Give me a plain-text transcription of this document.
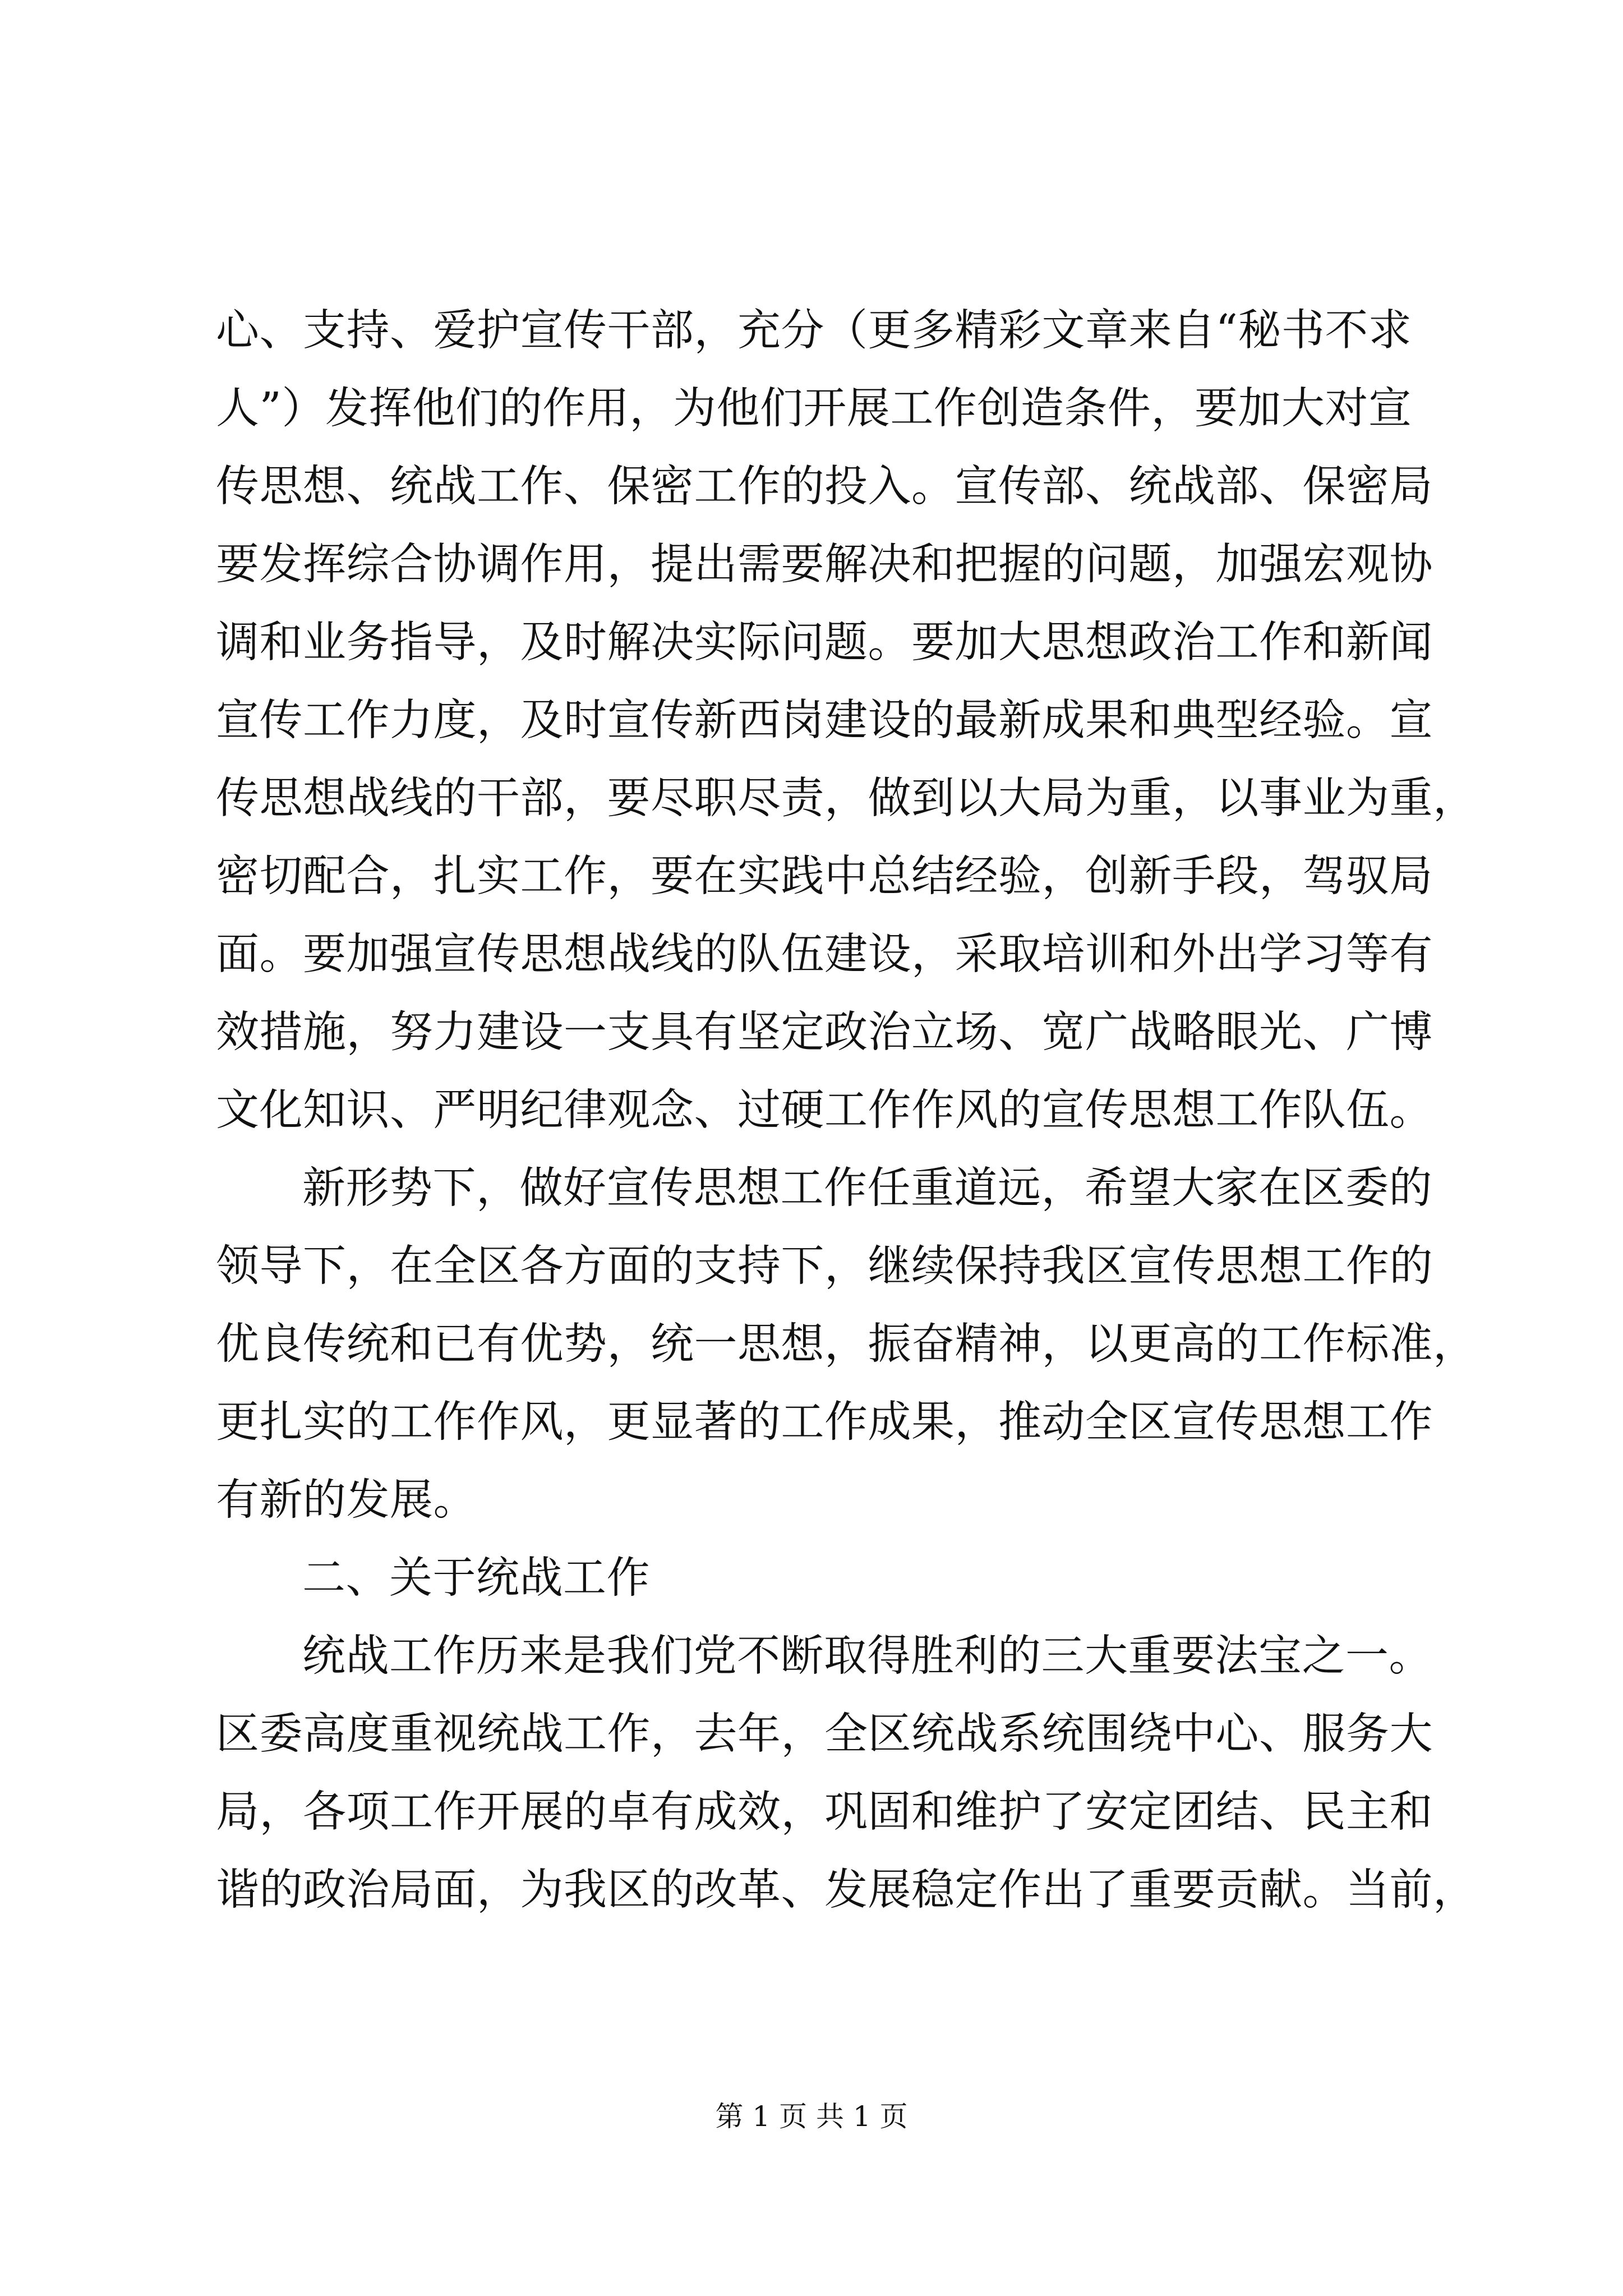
心、支持、爱护宣传干部，充分（更多精彩文章来自“秘书不求
人”）发挥他们的作用，为他们开展工作创造条件，要加大对宣
传思想、统战工作、保密工作的投入。宣传部、统战部、保密局
要发挥综合协调作用，提出需要解决和把握的问题，加强宏观协
调和业务指导，及时解决实际问题。要加大思想政治工作和新闻
宣传工作力度，及时宣传新西岗建设的最新成果和典型经验。宣
传思想战线的干部，要尽职尽责，做到以大局为重，以事业为重，
密切配合，扎实工作，要在实践中总结经验，创新手段，驾驭局
面。要加强宣传思想战线的队伍建设，采取培训和外出学习等有
效措施，努力建设一支具有坚定政治立场、宽广战略眼光、广博
文化知识、严明纪律观念、过硬工作作风的宣传思想工作队伍。
新形势下，做好宣传思想工作任重道远，希望大家在区委的
领导下，在全区各方面的支持下，继续保持我区宣传思想工作的
优良传统和已有优势，统一思想，振奋精神，以更高的工作标准，
更扎实的工作作风，更显著的工作成果，推动全区宣传思想工作
有新的发展。
二、关于统战工作
统战工作历来是我们党不断取得胜利的三大重要法宝之一。
区委高度重视统战工作，去年，全区统战系统围绕中心、服务大
局，各项工作开展的卓有成效，巩固和维护了安定团结、民主和
谐的政治局面，为我区的改革、发展稳定作出了重要贡献。当前，
第 1 页 共 1 页
